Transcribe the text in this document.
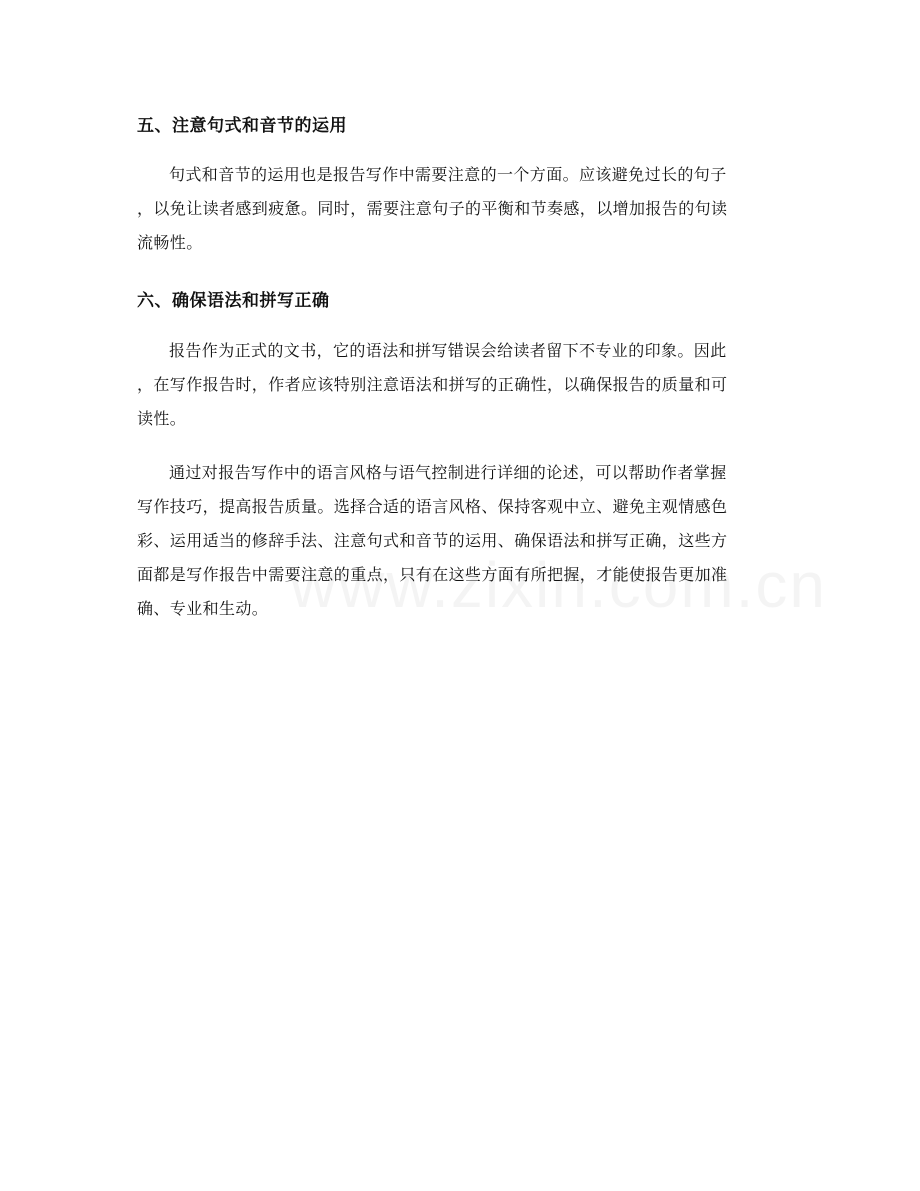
五、注意句式和音节的运用
句式和音节的运用也是报告写作中需要注意的一个方面。应该避免过长的句子
，以免让读者感到疲惫。同时，需要注意句子的平衡和节奏感，以增加报告的句读
流畅性。
六、确保语法和拼写正确
报告作为正式的文书，它的语法和拼写错误会给读者留下不专业的印象。因此
，在写作报告时，作者应该特别注意语法和拼写的正确性，以确保报告的质量和可
读性。
通过对报告写作中的语言风格与语气控制进行详细的论述，可以帮助作者掌握
写作技巧，提高报告质量。选择合适的语言风格、保持客观中立、避免主观情感色
彩、运用适当的修辞手法、注意句式和音节的运用、确保语法和拼写正确，这些方
面都是写作报告中需要注意的重点，只有在这些方面有所把握，才能使报告更加准
确、专业和生动。
